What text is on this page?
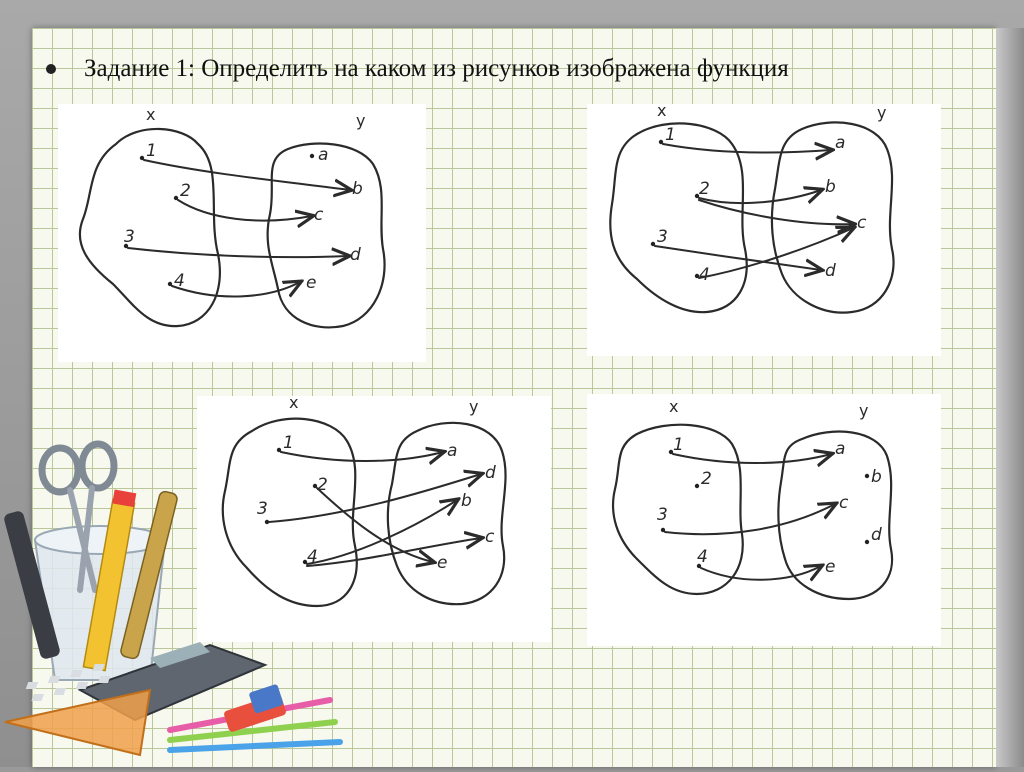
Задание 1: Определить на каком из рисунков изображена функция
x	y
1
2
3
4
a
b
c
d
e
x	y
1
2
3
4
a
b
c
d
x	y
1
2
3
4
a
d
b
c
e
x	y
1
2
3
4
a
b
c
d
e
